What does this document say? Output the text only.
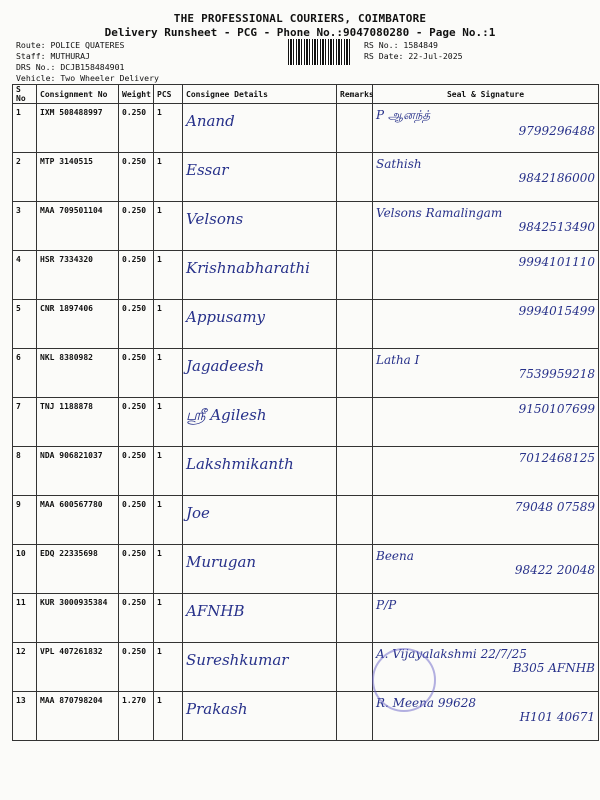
THE PROFESSIONAL COURIERS, COIMBATORE
Delivery Runsheet - PCG - Phone No.:9047080280 - Page No.:1
Route: POLICE QUATERES
Staff: MUTHURAJ
DRS No.: DCJB158484901
Vehicle: Two Wheeler Delivery
RS No.: 1584849
RS Date: 22-Jul-2025
S No	Consignment No	Weight	PCS	Consignee Details	Remarks	Seal & Signature
1	IXM 508488997	0.250	1	Anand		P ஆனந்த்
9799296488

2	MTP 3140515	0.250	1	Essar		Sathish
9842186000

3	MAA 709501104	0.250	1	Velsons		Velsons Ramalingam
9842513490

4	HSR 7334320	0.250	1	Krishnabharathi		9994101110

5	CNR 1897406	0.250	1	Appusamy		9994015499

6	NKL 8380982	0.250	1	Jagadeesh		Latha I
7539959218

7	TNJ 1188878	0.250	1	ஸ்ரீ Agilesh		9150107699

8	NDA 906821037	0.250	1	Lakshmikanth		7012468125

9	MAA 600567780	0.250	1	Joe		79048 07589

10	EDQ 22335698	0.250	1	Murugan		Beena
98422 20048

11	KUR 3000935384	0.250	1	AFNHB		P/P

12	VPL 407261832	0.250	1	Sureshkumar		A. Vijayalakshmi 22/7/25
B305 AFNHB

13	MAA 870798204	1.270	1	Prakash		R. Meena 99628
H101 40671
